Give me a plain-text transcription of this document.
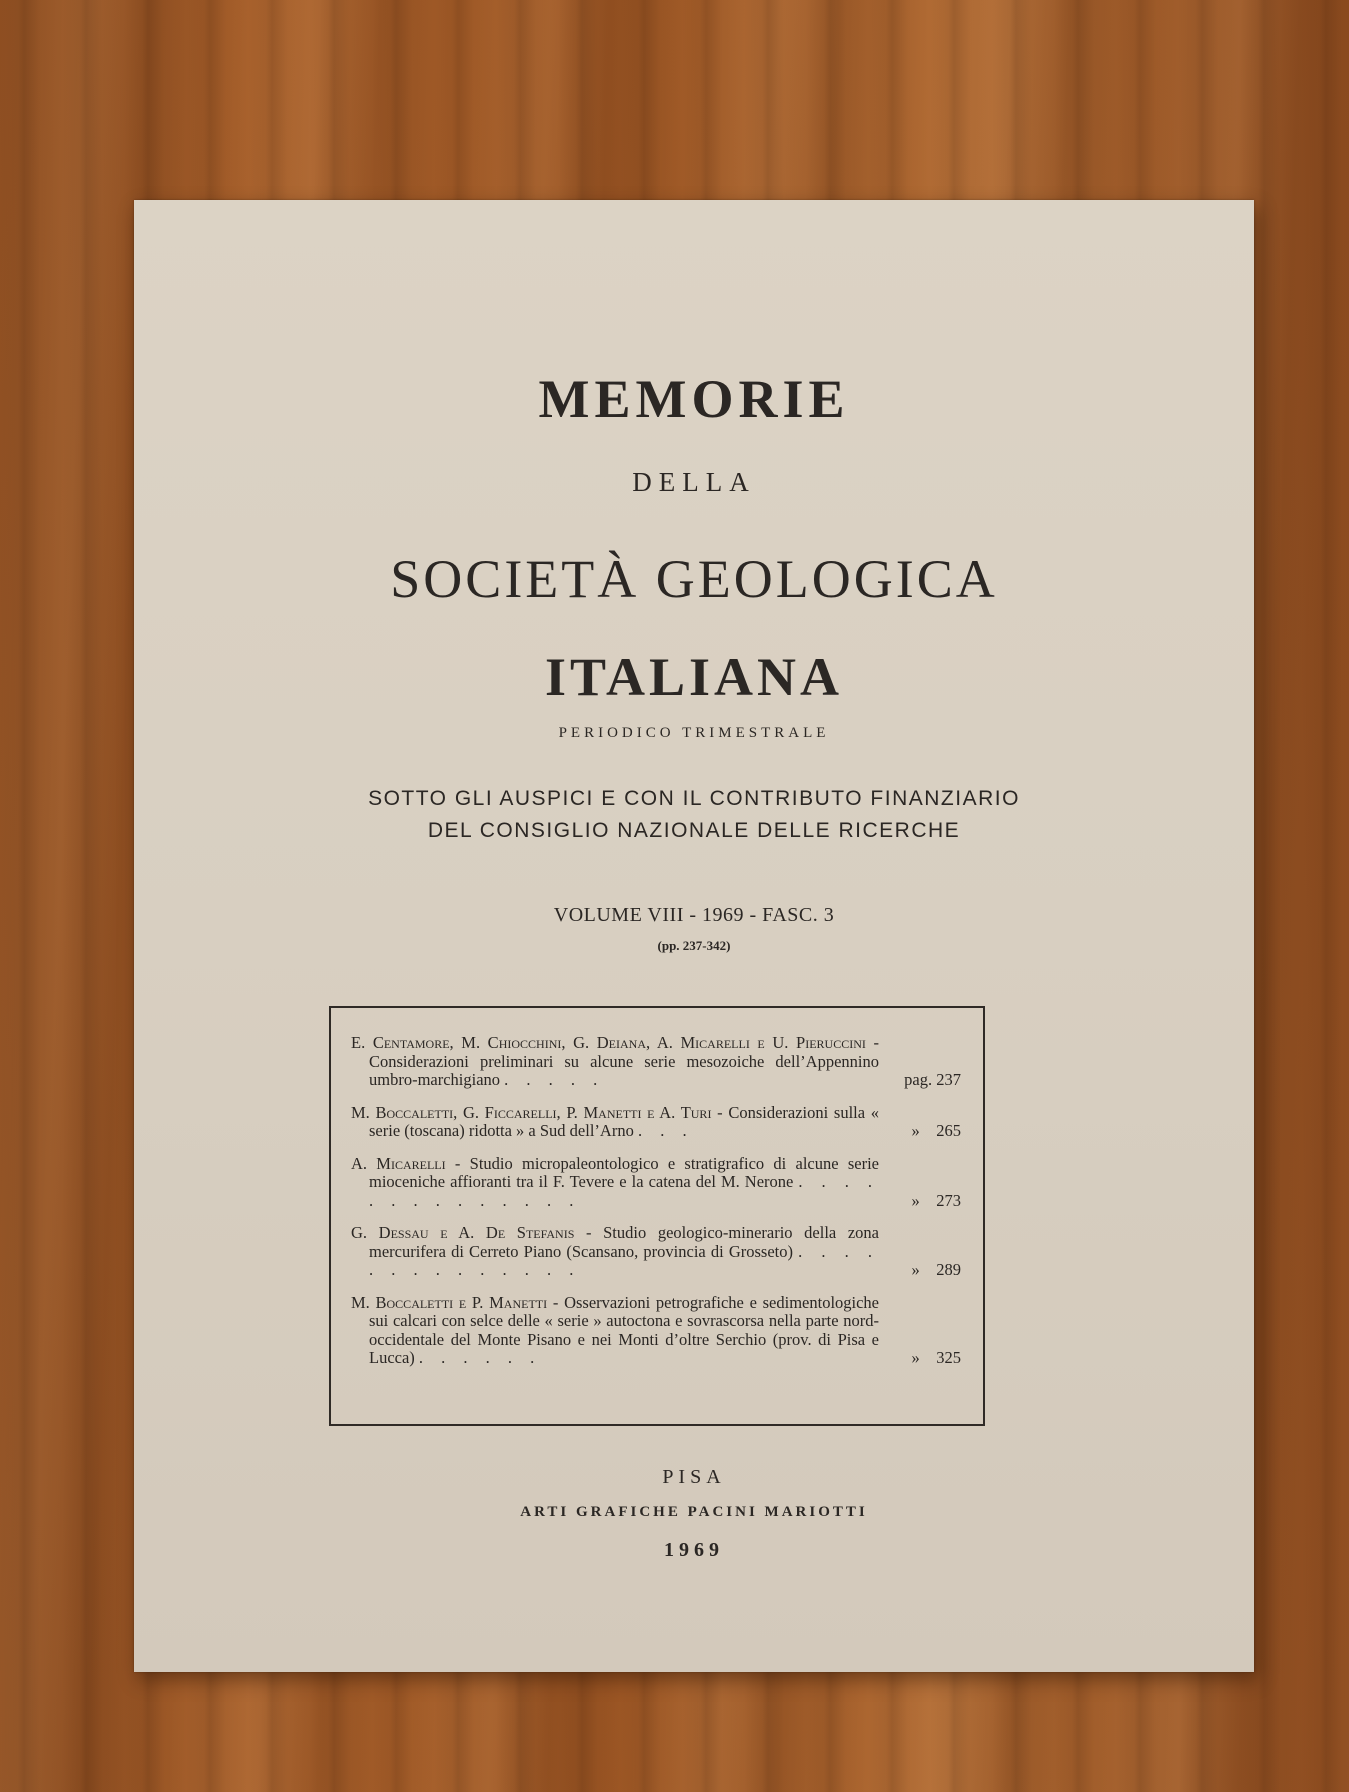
MEMORIE
DELLA
SOCIETÀ GEOLOGICA
ITALIANA
PERIODICO TRIMESTRALE
SOTTO GLI AUSPICI E CON IL CONTRIBUTO FINANZIARIO
DEL CONSIGLIO NAZIONALE DELLE RICERCHE
VOLUME VIII - 1969 - FASC. 3
(pp. 237-342)
E. Centamore, M. Chiocchini, G. Deiana, A. Micarelli e U. Pieruccini - Considerazioni preliminari su alcune serie mesozoiche dell’Appennino umbro-marchigiano . . . . .	pag. 237
M. Boccaletti, G. Ficcarelli, P. Manetti e A. Turi - Considerazioni sulla « serie (toscana) ridotta » a Sud dell’Arno . . .	» 265
A. Micarelli - Studio micropaleontologico e stratigrafico di alcune serie mioceniche affioranti tra il F. Tevere e la catena del M. Nerone . . . . . . . . . . . . . .	» 273
G. Dessau e A. De Stefanis - Studio geologico-minerario della zona mercurifera di Cerreto Piano (Scansano, provincia di Grosseto) . . . . . . . . . . . . . .	» 289
M. Boccaletti e P. Manetti - Osservazioni petrografiche e sedimentologiche sui calcari con selce delle « serie » autoctona e sovrascorsa nella parte nord-occidentale del Monte Pisano e nei Monti d’oltre Serchio (prov. di Pisa e Lucca) . . . . . .	» 325
PISA
ARTI GRAFICHE PACINI MARIOTTI
1969
